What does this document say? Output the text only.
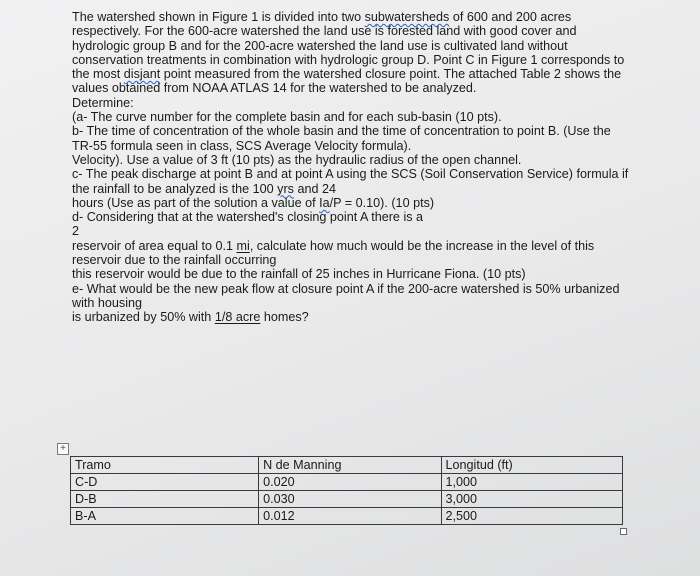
The watershed shown in Figure 1 is divided into two subwatersheds of 600 and 200 acres respectively. For the 600-acre watershed the land use is forested land with good cover and hydrologic group B and for the 200-acre watershed the land use is cultivated land without conservation treatments in combination with hydrologic group D. Point C in Figure 1 corresponds to the most disjant point measured from the watershed closure point. The attached Table 2 shows the values obtained from NOAA ATLAS 14 for the watershed to be analyzed.

Determine:

(a- The curve number for the complete basin and for each sub-basin (10 pts).

b- The time of concentration of the whole basin and the time of concentration to point B. (Use the TR-55 formula seen in class, SCS Average Velocity formula).

Velocity). Use a value of 3 ft (10 pts) as the hydraulic radius of the open channel.

c- The peak discharge at point B and at point A using the SCS (Soil Conservation Service) formula if the rainfall to be analyzed is the 100 yrs and 24

hours (Use as part of the solution a value of Ia/P = 0.10). (10 pts)

d- Considering that at the watershed's closing point A there is a

2

reservoir of area equal to 0.1 mi, calculate how much would be the increase in the level of this reservoir due to the rainfall occurring

this reservoir would be due to the rainfall of 25 inches in Hurricane Fiona. (10 pts)

e- What would be the new peak flow at closure point A if the 200-acre watershed is 50% urbanized with housing

is urbanized by 50% with 1/8 acre homes?

+
Tramo	N de Manning	Longitud (ft)

C-D	0.020	1,000

D-B	0.030	3,000

B-A	0.012	2,500
